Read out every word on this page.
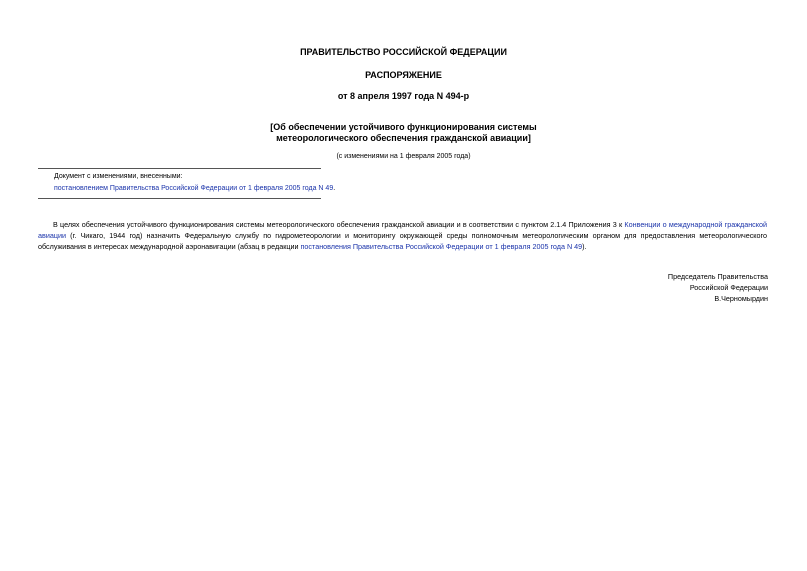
ПРАВИТЕЛЬСТВО РОССИЙСКОЙ ФЕДЕРАЦИИ
РАСПОРЯЖЕНИЕ
от 8 апреля 1997 года N 494-р
[Об обеспечении устойчивого функционирования системы
метеорологического обеспечения гражданской авиации]
(с изменениями на 1 февраля 2005 года)
Документ с изменениями, внесенными:
постановлением Правительства Российской Федерации от 1 февраля 2005 года N 49.
В целях обеспечения устойчивого функционирования системы метеорологического обеспечения гражданской авиации и в соответствии с пунктом 2.1.4 Приложения 3 к Конвенции о международной гражданской авиации (г. Чикаго, 1944 год) назначить Федеральную службу по гидрометеорологии и мониторингу окружающей среды полномочным метеорологическим органом для предоставления метеорологического обслуживания в интересах международной аэронавигации (абзац в редакции постановления Правительства Российской Федерации от 1 февраля 2005 года N 49).
Председатель Правительства
Российской Федерации
В.Черномырдин
